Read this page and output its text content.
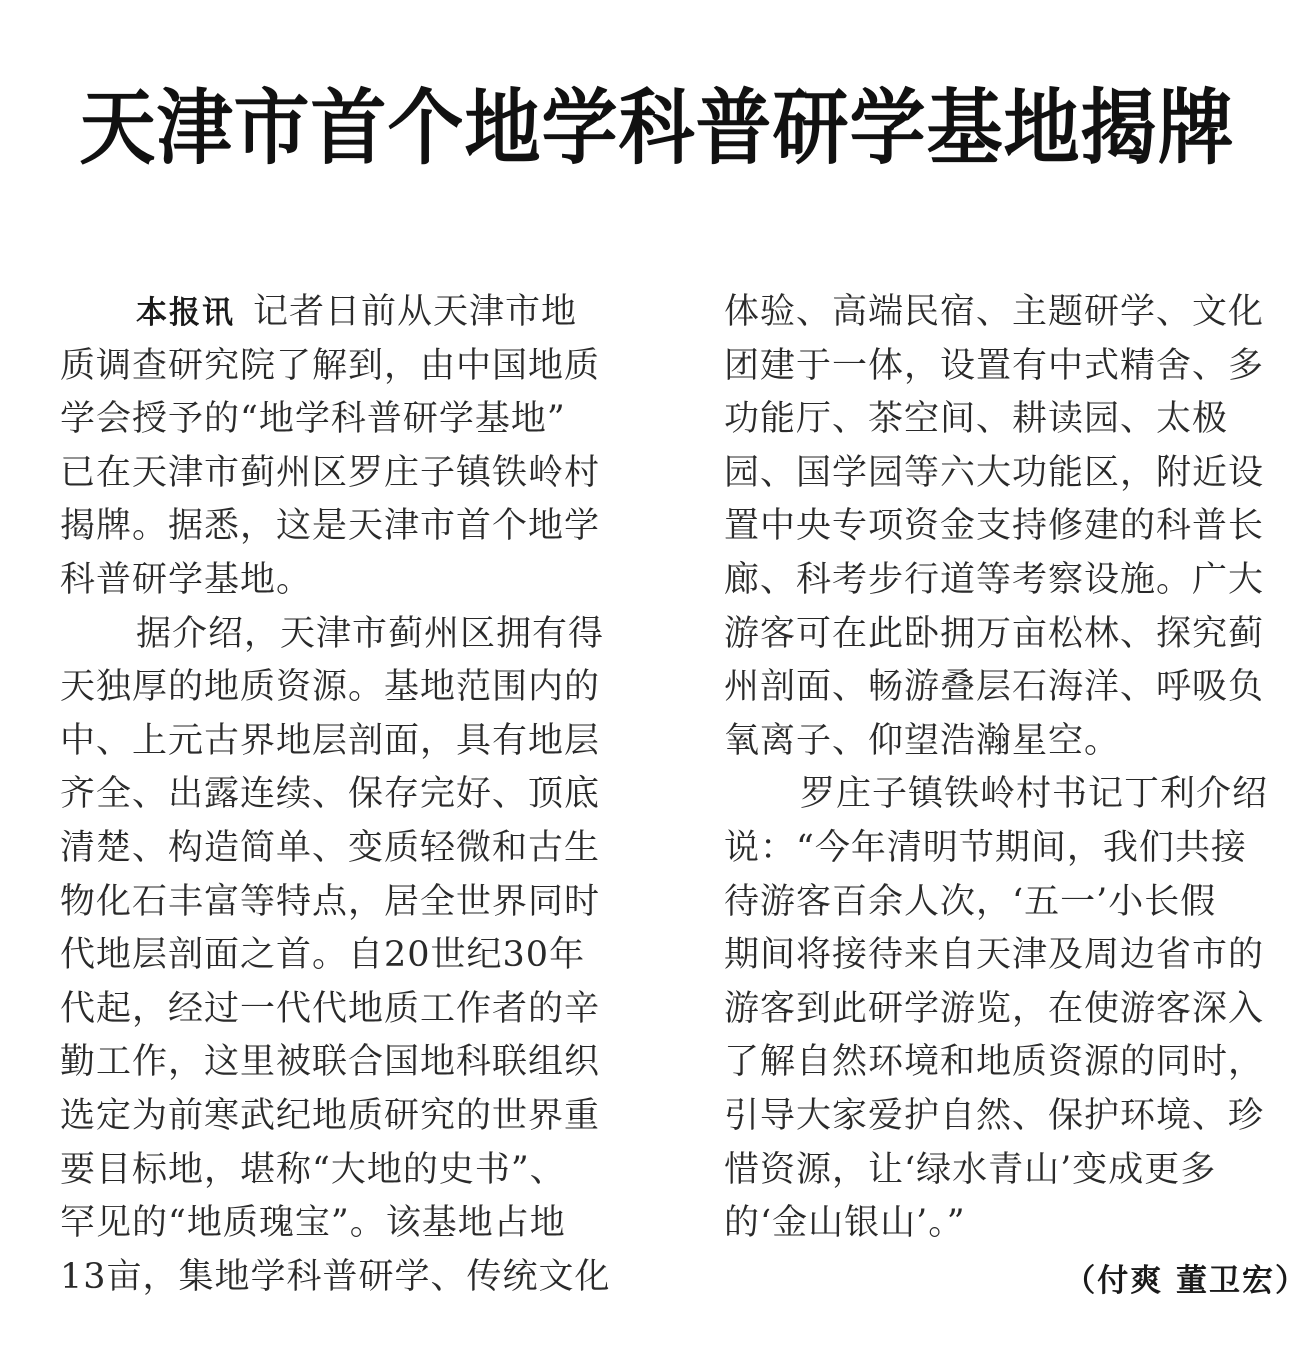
天津市首个地学科普研学基地揭牌
本报讯 记者日前从天津市地
质调查研究院了解到，由中国地质
学会授予的“地学科普研学基地”
已在天津市蓟州区罗庄子镇铁岭村
揭牌。据悉，这是天津市首个地学
科普研学基地。
据介绍，天津市蓟州区拥有得
天独厚的地质资源。基地范围内的
中、上元古界地层剖面，具有地层
齐全、出露连续、保存完好、顶底
清楚、构造简单、变质轻微和古生
物化石丰富等特点，居全世界同时
代地层剖面之首。自20世纪30年
代起，经过一代代地质工作者的辛
勤工作，这里被联合国地科联组织
选定为前寒武纪地质研究的世界重
要目标地，堪称“大地的史书”、
罕见的“地质瑰宝”。该基地占地
13亩，集地学科普研学、传统文化
体验、高端民宿、主题研学、文化
团建于一体，设置有中式精舍、多
功能厅、茶空间、耕读园、太极
园、国学园等六大功能区，附近设
置中央专项资金支持修建的科普长
廊、科考步行道等考察设施。广大
游客可在此卧拥万亩松林、探究蓟
州剖面、畅游叠层石海洋、呼吸负
氧离子、仰望浩瀚星空。
罗庄子镇铁岭村书记丁利介绍
说：“今年清明节期间，我们共接
待游客百余人次，‘五一’小长假
期间将接待来自天津及周边省市的
游客到此研学游览，在使游客深入
了解自然环境和地质资源的同时，
引导大家爱护自然、保护环境、珍
惜资源，让‘绿水青山’变成更多
的‘金山银山’。”
（付爽 董卫宏）
